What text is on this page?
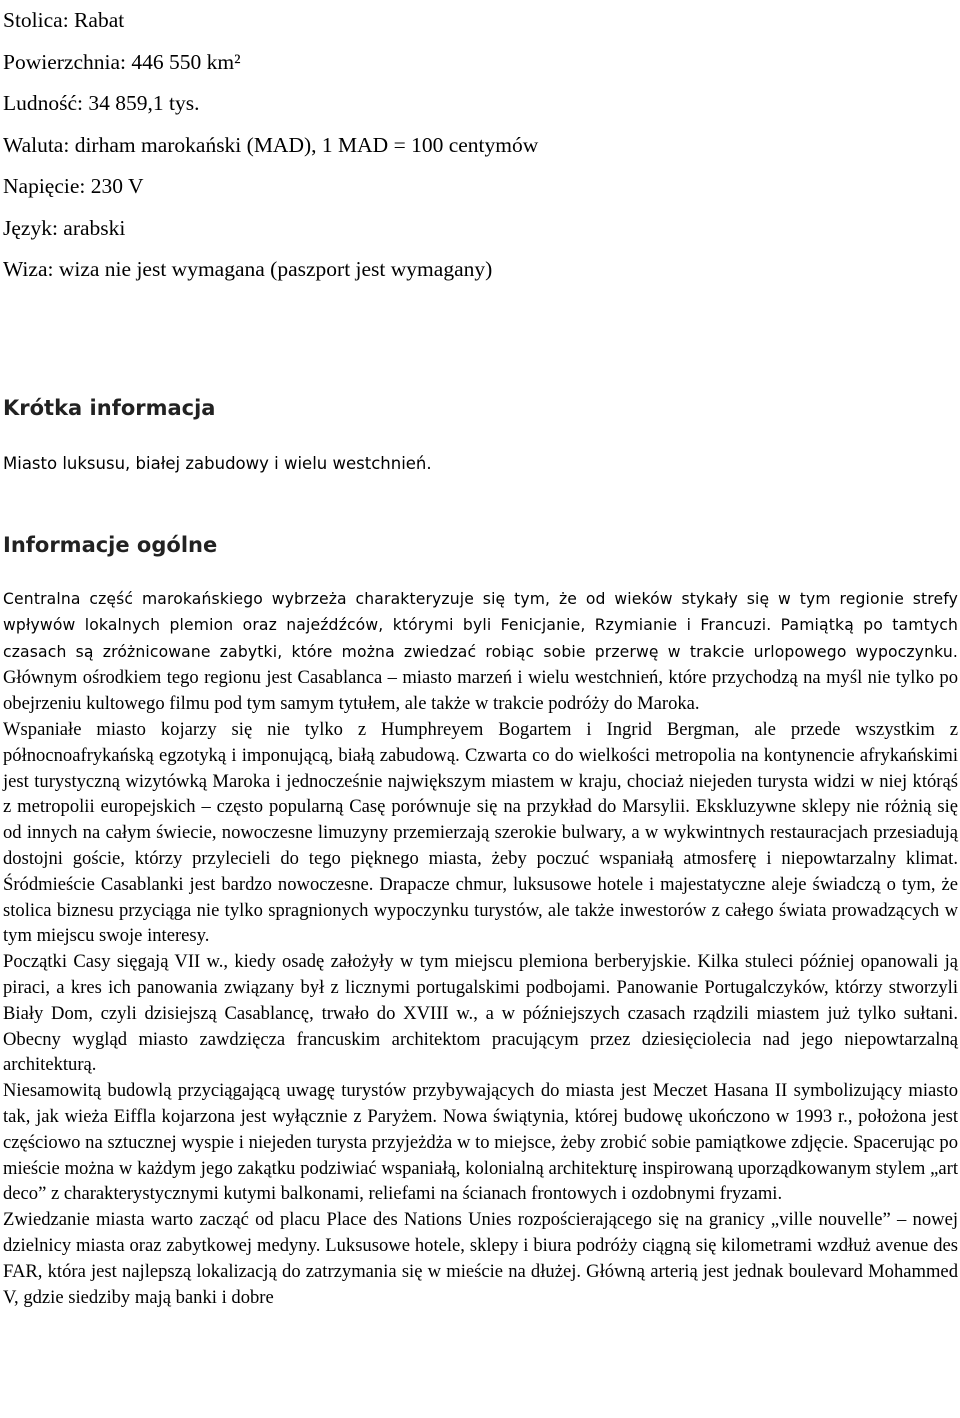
Stolica: Rabat
Powierzchnia: 446 550 km²
Ludność: 34 859,1 tys.
Waluta: dirham marokański (MAD), 1 MAD = 100 centymów
Napięcie: 230 V
Język: arabski
Wiza: wiza nie jest wymagana (paszport jest wymagany)
Krótka informacja
Miasto luksusu, białej zabudowy i wielu westchnień.
Informacje ogólne

Centralna część marokańskiego wybrzeża charakteryzuje się tym, że od wieków stykały się w tym regionie strefy wpływów lokalnych plemion oraz najeźdźców, którymi byli Fenicjanie, Rzymianie i Francuzi. Pamiątką po tamtych czasach są zróżnicowane zabytki, które można zwiedzać robiąc sobie przerwę w trakcie urlopowego wypoczynku. Głównym ośrodkiem tego regionu jest Casablanca – miasto marzeń i wielu westchnień, które przychodzą na myśl nie tylko po obejrzeniu kultowego filmu pod tym samym tytułem, ale także w trakcie podróży do Maroka.

Wspaniałe miasto kojarzy się nie tylko z Humphreyem Bogartem i Ingrid Bergman, ale przede wszystkim z północnoafrykańską egzotyką i imponującą, białą zabudową. Czwarta co do wielkości metropolia na kontynencie afrykańskimi jest turystyczną wizytówką Maroka i jednocześnie największym miastem w kraju, chociaż niejeden turysta widzi w niej którąś z metropolii europejskich – często popularną Casę porównuje się na przykład do Marsylii. Ekskluzywne sklepy nie różnią się od innych na całym świecie, nowoczesne limuzyny przemierzają szerokie bulwary, a w wykwintnych restauracjach przesiadują dostojni goście, którzy przylecieli do tego pięknego miasta, żeby poczuć wspaniałą atmosferę i niepowtarzalny klimat. Śródmieście Casablanki jest bardzo nowoczesne. Drapacze chmur, luksusowe hotele i majestatyczne aleje świadczą o tym, że stolica biznesu przyciąga nie tylko spragnionych wypoczynku turystów, ale także inwestorów z całego świata prowadzących w tym miejscu swoje interesy.

Początki Casy sięgają VII w., kiedy osadę założyły w tym miejscu plemiona berberyjskie. Kilka stuleci później opanowali ją piraci, a kres ich panowania związany był z licznymi portugalskimi podbojami. Panowanie Portugalczyków, którzy stworzyli Biały Dom, czyli dzisiejszą Casablancę, trwało do XVIII w., a w późniejszych czasach rządzili miastem już tylko sułtani. Obecny wygląd miasto zawdzięcza francuskim architektom pracującym przez dziesięciolecia nad jego niepowtarzalną architekturą.

Niesamowitą budowlą przyciągającą uwagę turystów przybywających do miasta jest Meczet Hasana II symbolizujący miasto tak, jak wieża Eiffla kojarzona jest wyłącznie z Paryżem. Nowa świątynia, której budowę ukończono w 1993 r., położona jest częściowo na sztucznej wyspie i niejeden turysta przyjeżdża w to miejsce, żeby zrobić sobie pamiątkowe zdjęcie. Spacerując po mieście można w każdym jego zakątku podziwiać wspaniałą, kolonialną architekturę inspirowaną uporządkowanym stylem „art deco” z charakterystycznymi kutymi balkonami, reliefami na ścianach frontowych i ozdobnymi fryzami.

Zwiedzanie miasta warto zacząć od placu Place des Nations Unies rozpościerającego się na granicy „ville nouvelle” – nowej dzielnicy miasta oraz zabytkowej medyny. Luksusowe hotele, sklepy i biura podróży ciągną się kilometrami wzdłuż avenue des FAR, która jest najlepszą lokalizacją do zatrzymania się w mieście na dłużej. Główną arterią jest jednak boulevard Mohammed V, gdzie siedziby mają banki i dobre
